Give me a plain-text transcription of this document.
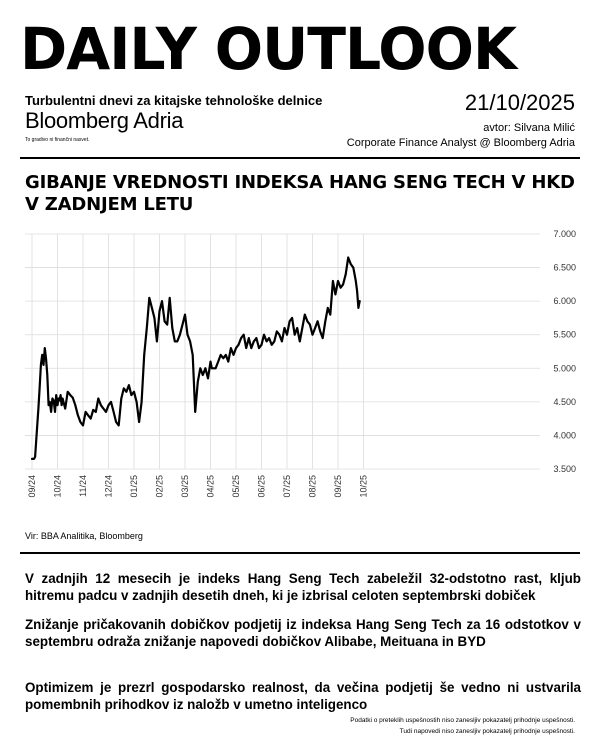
DAILY OUTLOOK
Turbulentni dnevi za kitajske tehnološke delnice
Bloomberg Adria
To gradivo ni finančni nasvet.
21/10/2025
avtor: Silvana Milić
Corporate Finance Analyst @ Bloomberg Adria
GIBANJE VREDNOSTI INDEKSA HANG SENG TECH V HKD V ZADNJEM LETU
3.500
4.000
4.500
5.000
5.500
6.000
6.500
7.000
09/24 10/24 11/24 12/24 01/25 02/25 03/25 04/25 05/25 06/25 07/25 08/25 09/25 10/25
Vir: BBA Analitika, Bloomberg
V zadnjih 12 mesecih je indeks Hang Seng Tech zabeležil 32-odstotno rast, kljub hitremu padcu v zadnjih desetih dneh, ki je izbrisal celoten septembrski dobiček
Znižanje pričakovanih dobičkov podjetij iz indeksa Hang Seng Tech za 16 odstotkov v septembru odraža znižanje napovedi dobičkov Alibabe, Meituana in BYD
Optimizem je prezrl gospodarsko realnost, da večina podjetij še vedno ni ustvarila pomembnih prihodkov iz naložb v umetno inteligenco
Podatki o preteklih uspešnostih niso zanesljiv pokazatelj prihodnje uspešnosti.
Tudi napovedi niso zanesljiv pokazatelj prihodnje uspešnosti.
